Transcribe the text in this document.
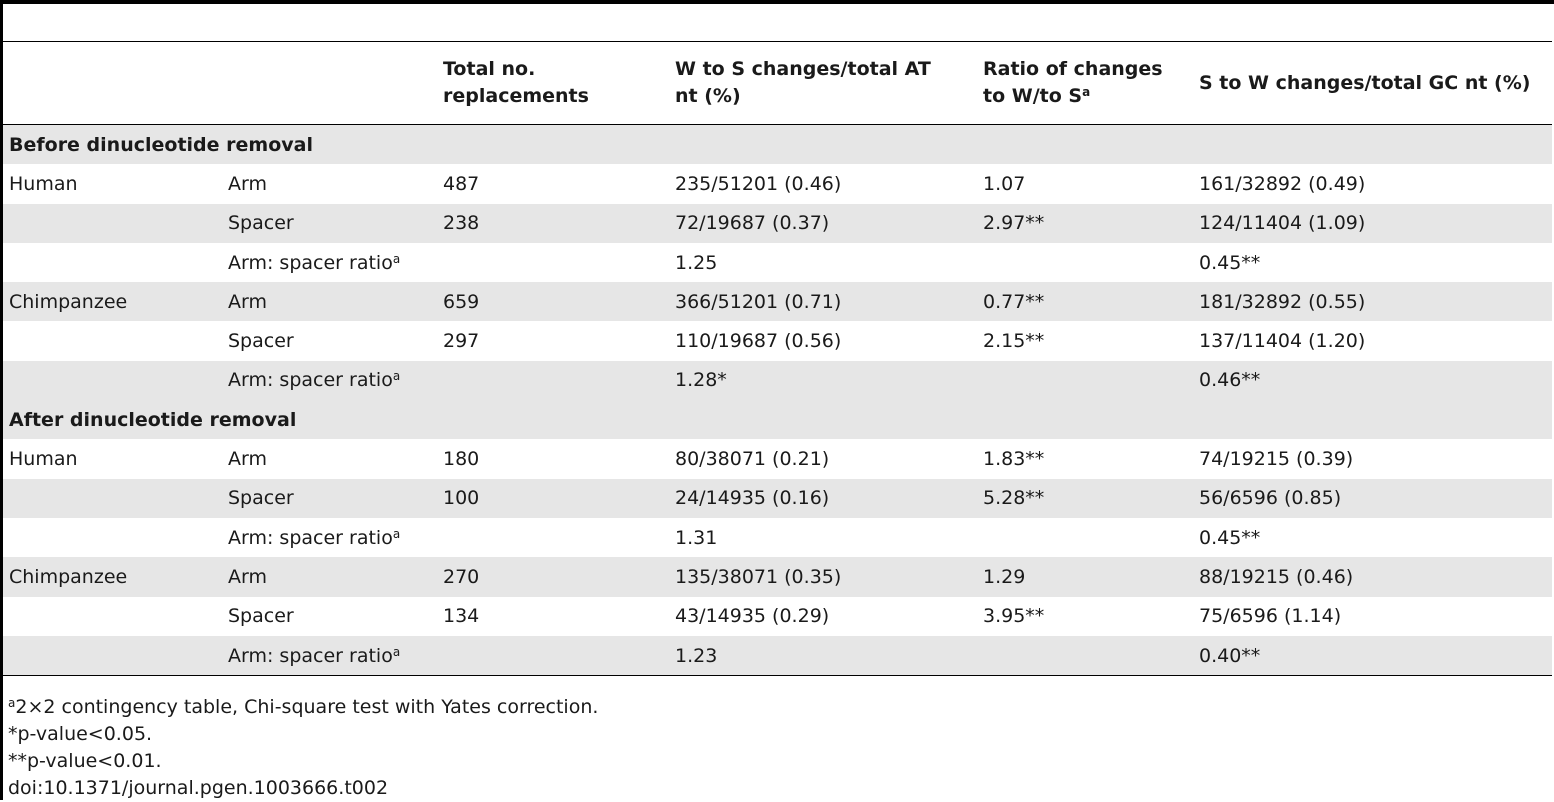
		Total no. replacements	W to S changes/total AT nt (%)	Ratio of changes to W/to $S^a$	S to W changes/total GC nt (%)
Before dinucleotide removal					
Human	Arm	487	235/51201 (0.46)	1.07	161/32892 (0.49)
	Spacer	238	72/19687 (0.37)	2.97**	124/11404 (1.09)
	Arm: spacer ratio$^a$		1.25		0.45**
Chimpanzee	Arm	659	366/51201 (0.71)	0.77**	181/32892 (0.55)
	Spacer	297	110/19687 (0.56)	2.15**	137/11404 (1.20)
	Arm: spacer ratio$^a$		1.28*		0.46**
After dinucleotide removal					
Human	Arm	180	80/38071 (0.21)	1.83**	74/19215 (0.39)
	Spacer	100	24/14935 (0.16)	5.28**	56/6596 (0.85)
	Arm: spacer ratio$^a$		1.31		0.45**
Chimpanzee	Arm	270	135/38071 (0.35)	1.29	88/19215 (0.46)
	Spacer	134	43/14935 (0.29)	3.95**	75/6596 (1.14)
	Arm: spacer ratio$^a$		1.23		0.40**
$^a$2×2 contingency table, Chi-square test with Yates correction.
*p-value<0.05.
**p-value<0.01.
doi:10.1371/journal.pgen.1003666.t002
